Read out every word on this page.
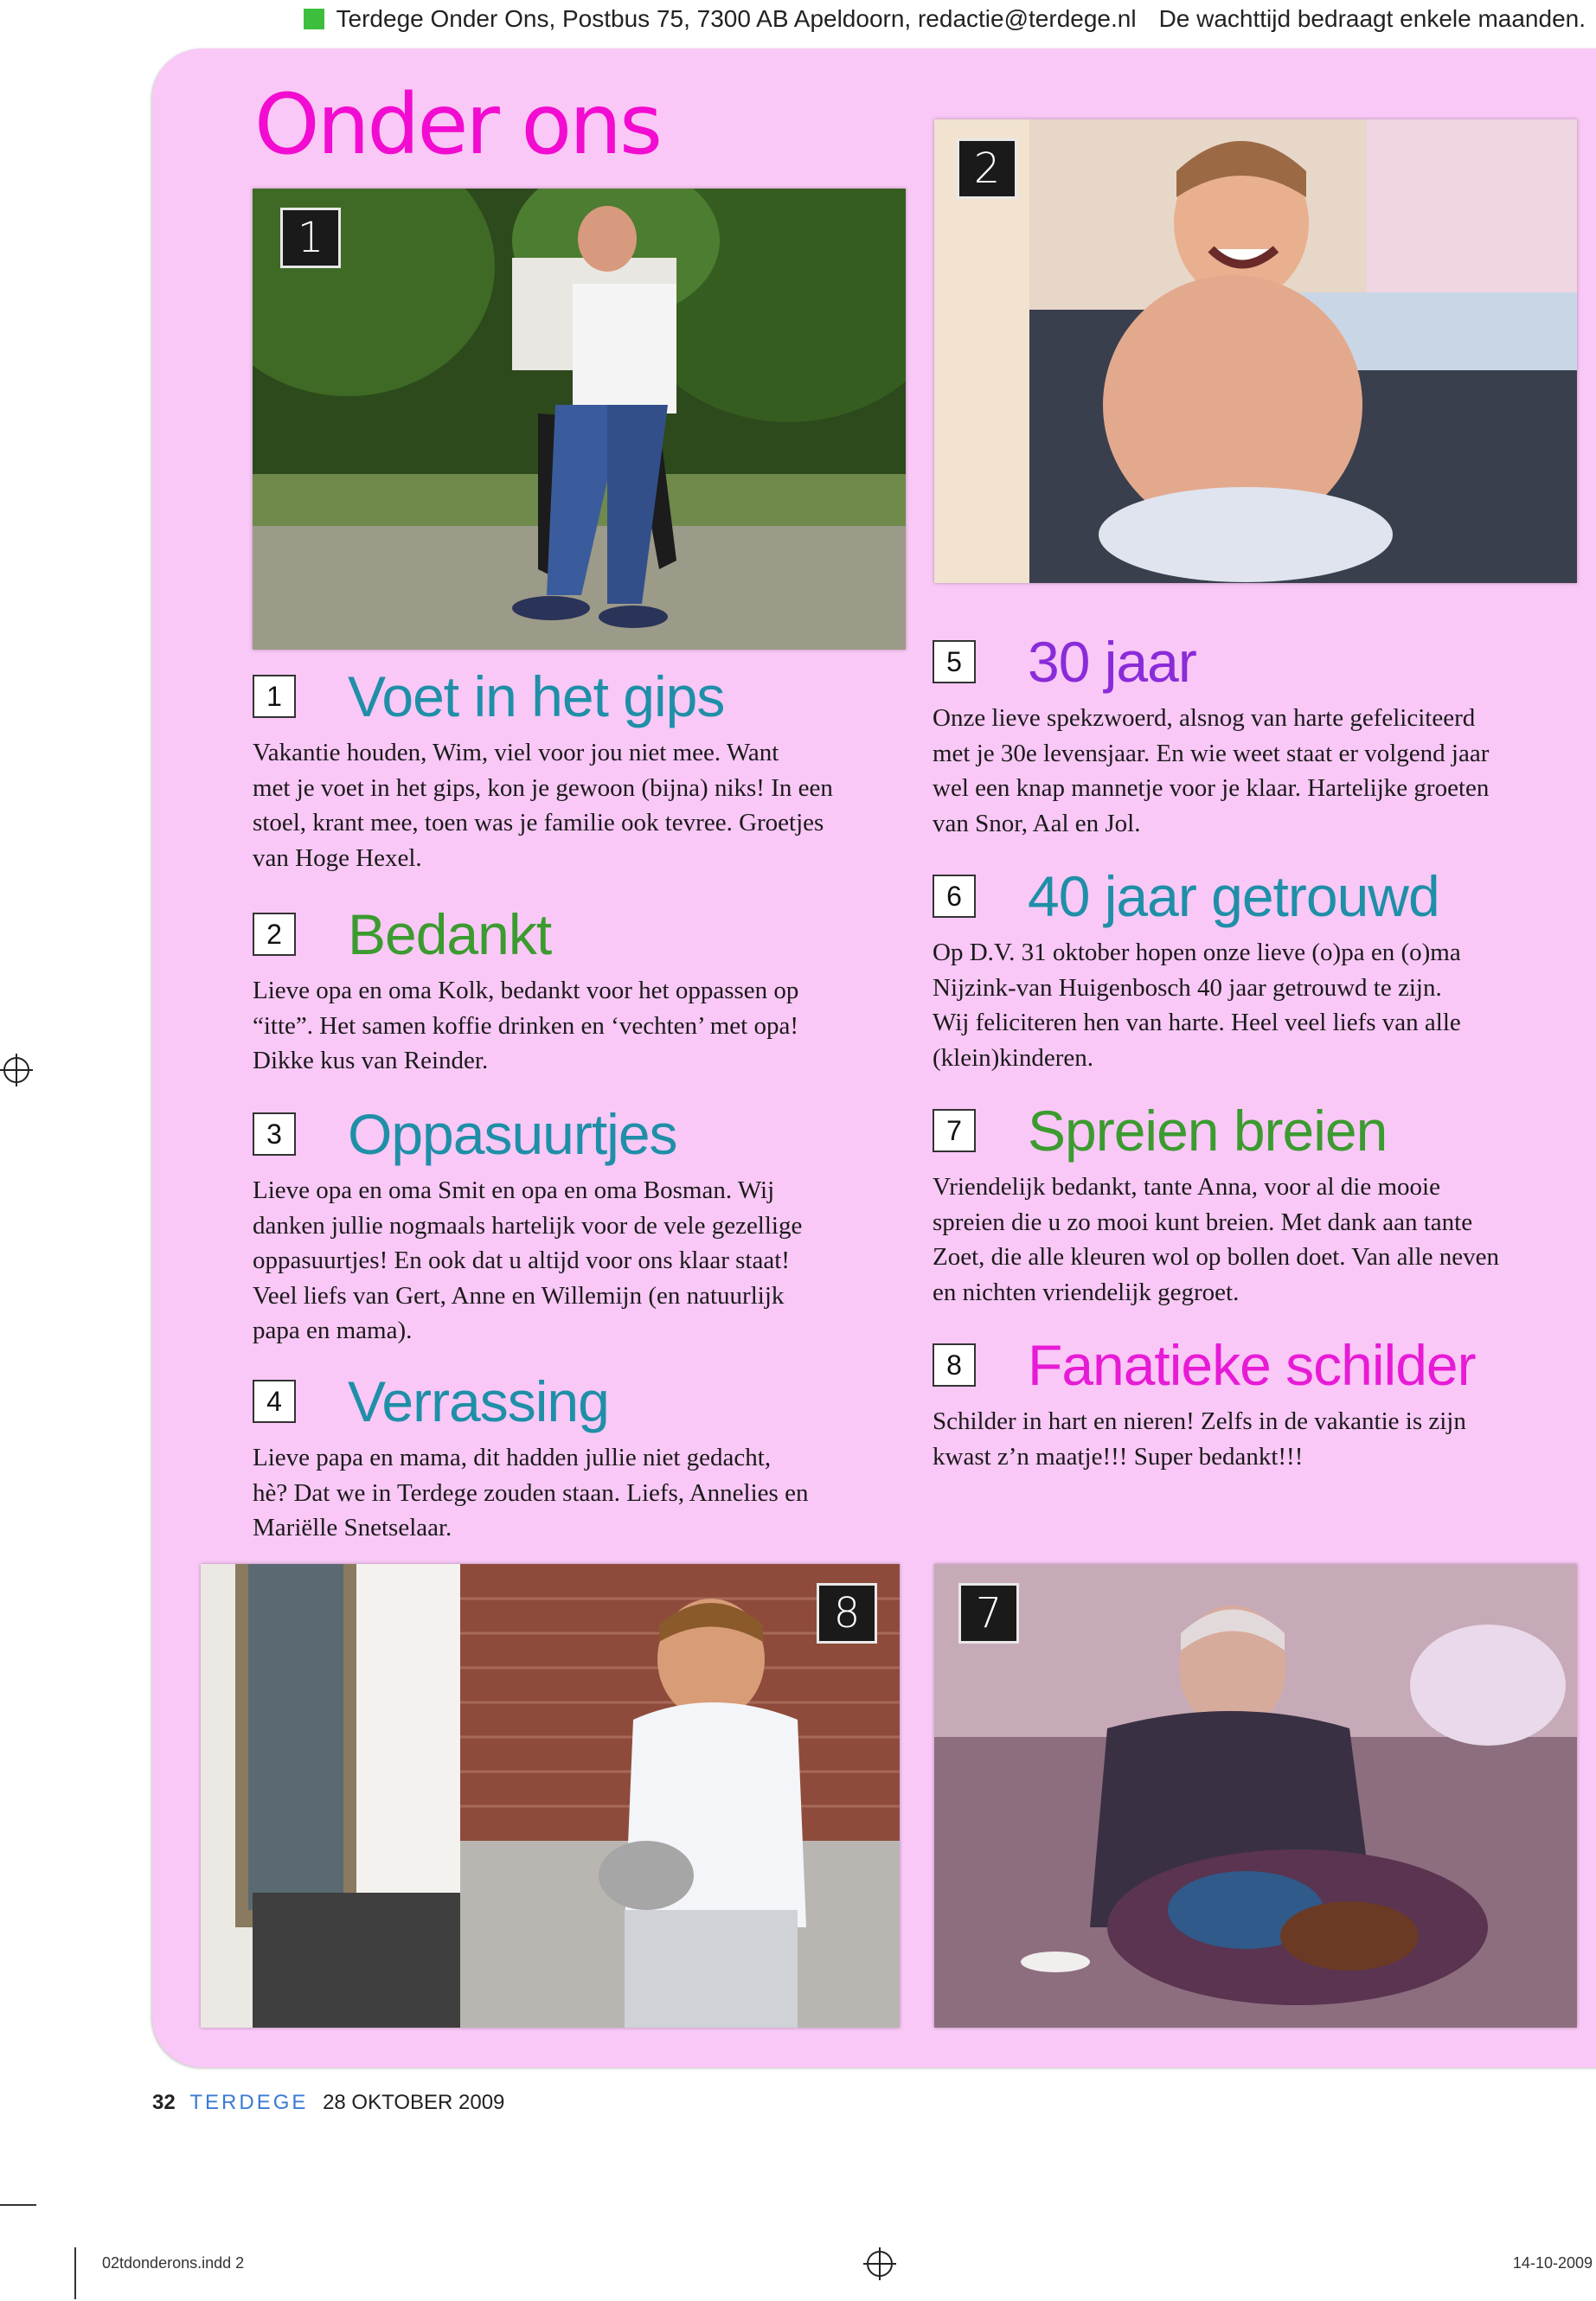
Terdege Onder Ons, Postbus 75, 7300 AB Apeldoorn, redactie@terdege.nl De wachttijd bedraagt enkele maanden.
Onder ons
1
2
8	7
1 Voet in het gips

Vakantie houden, Wim, viel voor jou niet mee. Want
met je voet in het gips, kon je gewoon (bijna) niks! In een
stoel, krant mee, toen was je familie ook tevree. Groetjes
van Hoge Hexel.

2 Bedankt

Lieve opa en oma Kolk, bedankt voor het oppassen op
“itte”. Het samen koffie drinken en ‘vechten’ met opa!
Dikke kus van Reinder.

3 Oppasuurtjes

Lieve opa en oma Smit en opa en oma Bosman. Wij
danken jullie nogmaals hartelijk voor de vele gezellige
oppasuurtjes! En ook dat u altijd voor ons klaar staat!
Veel liefs van Gert, Anne en Willemijn (en natuurlijk
papa en mama).

4 Verrassing

Lieve papa en mama, dit hadden jullie niet gedacht,
hè? Dat we in Terdege zouden staan. Liefs, Annelies en
Mariëlle Snetselaar.

5 30 jaar

Onze lieve spekzwoerd, alsnog van harte gefeliciteerd
met je 30e levensjaar. En wie weet staat er volgend jaar
wel een knap mannetje voor je klaar. Hartelijke groeten
van Snor, Aal en Jol.

6 40 jaar getrouwd

Op D.V. 31 oktober hopen onze lieve (o)pa en (o)ma
Nijzink-van Huigenbosch 40 jaar getrouwd te zijn.
Wij feliciteren hen van harte. Heel veel liefs van alle
(klein)kinderen.

7 Spreien breien

Vriendelijk bedankt, tante Anna, voor al die mooie
spreien die u zo mooi kunt breien. Met dank aan tante
Zoet, die alle kleuren wol op bollen doet. Van alle neven
en nichten vriendelijk gegroet.

8 Fanatieke schilder

Schilder in hart en nieren! Zelfs in de vakantie is zijn
kwast z’n maatje!!! Super bedankt!!!

32 TERDEGE 28 OKTOBER 2009
02tdonderons.indd 2	14-10-2009
